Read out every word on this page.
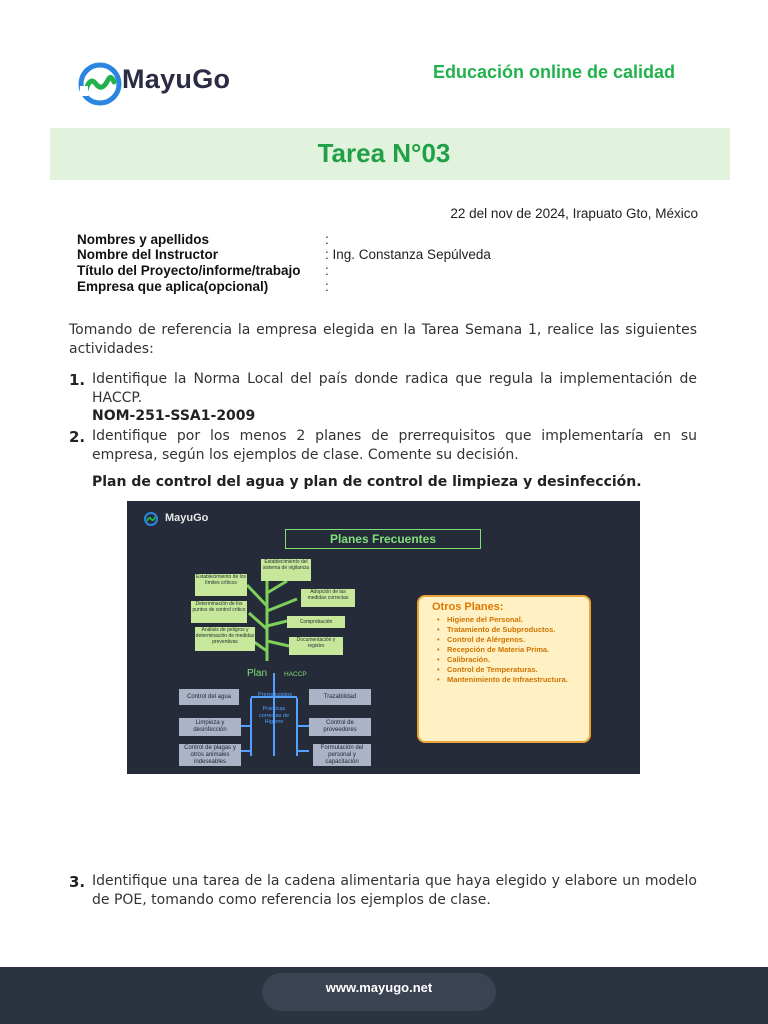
MayuGo	Educación online de calidad
Tarea N°03
22 del nov de 2024, Irapuato Gto, México
Nombres y apellidos	:
Nombre del Instructor	: Ing. Constanza Sepúlveda
Título del Proyecto/informe/trabajo :
Empresa que aplica(opcional)	:
Tomando de referencia la empresa elegida en la Tarea Semana 1, realice las siguientes actividades:
1. Identifique la Norma Local del país donde radica que regula la implementación de HACCP.
NOM-251-SSA1-2009
2. Identifique por los menos 2 planes de prerrequisitos que implementaría en su empresa, según los ejemplos de clase. Comente su decisión.
Plan de control del agua y plan de control de limpieza y desinfección.
MayuGo
Planes Frecuentes
Establecimiento del sistema de vigilancia
Establecimiento de los límites críticos
Adopción de las medidas correctas
Determinación de los puntos de control crítico
Comprobación
Análisis de peligros y determinación de medidas preventivas	Documentación y registro
Plan	HACCP
Prerrequisitos
Prácticas correctas de Higiene
Control del agua	Trazabilidad
Limpieza y desinfección
Control de proveedores
Control de plagas y otros animales indeseables
Formulación del personal y capacitación
Otros Planes:
• Higiene del Personal.
• Tratamiento de Subproductos.
• Control de Alérgenos.
• Recepción de Materia Prima.
• Calibración.
• Control de Temperaturas.
• Mantenimiento de Infraestructura.
3. Identifique una tarea de la cadena alimentaria que haya elegido y elabore un modelo de POE, tomando como referencia los ejemplos de clase.
www.mayugo.net
